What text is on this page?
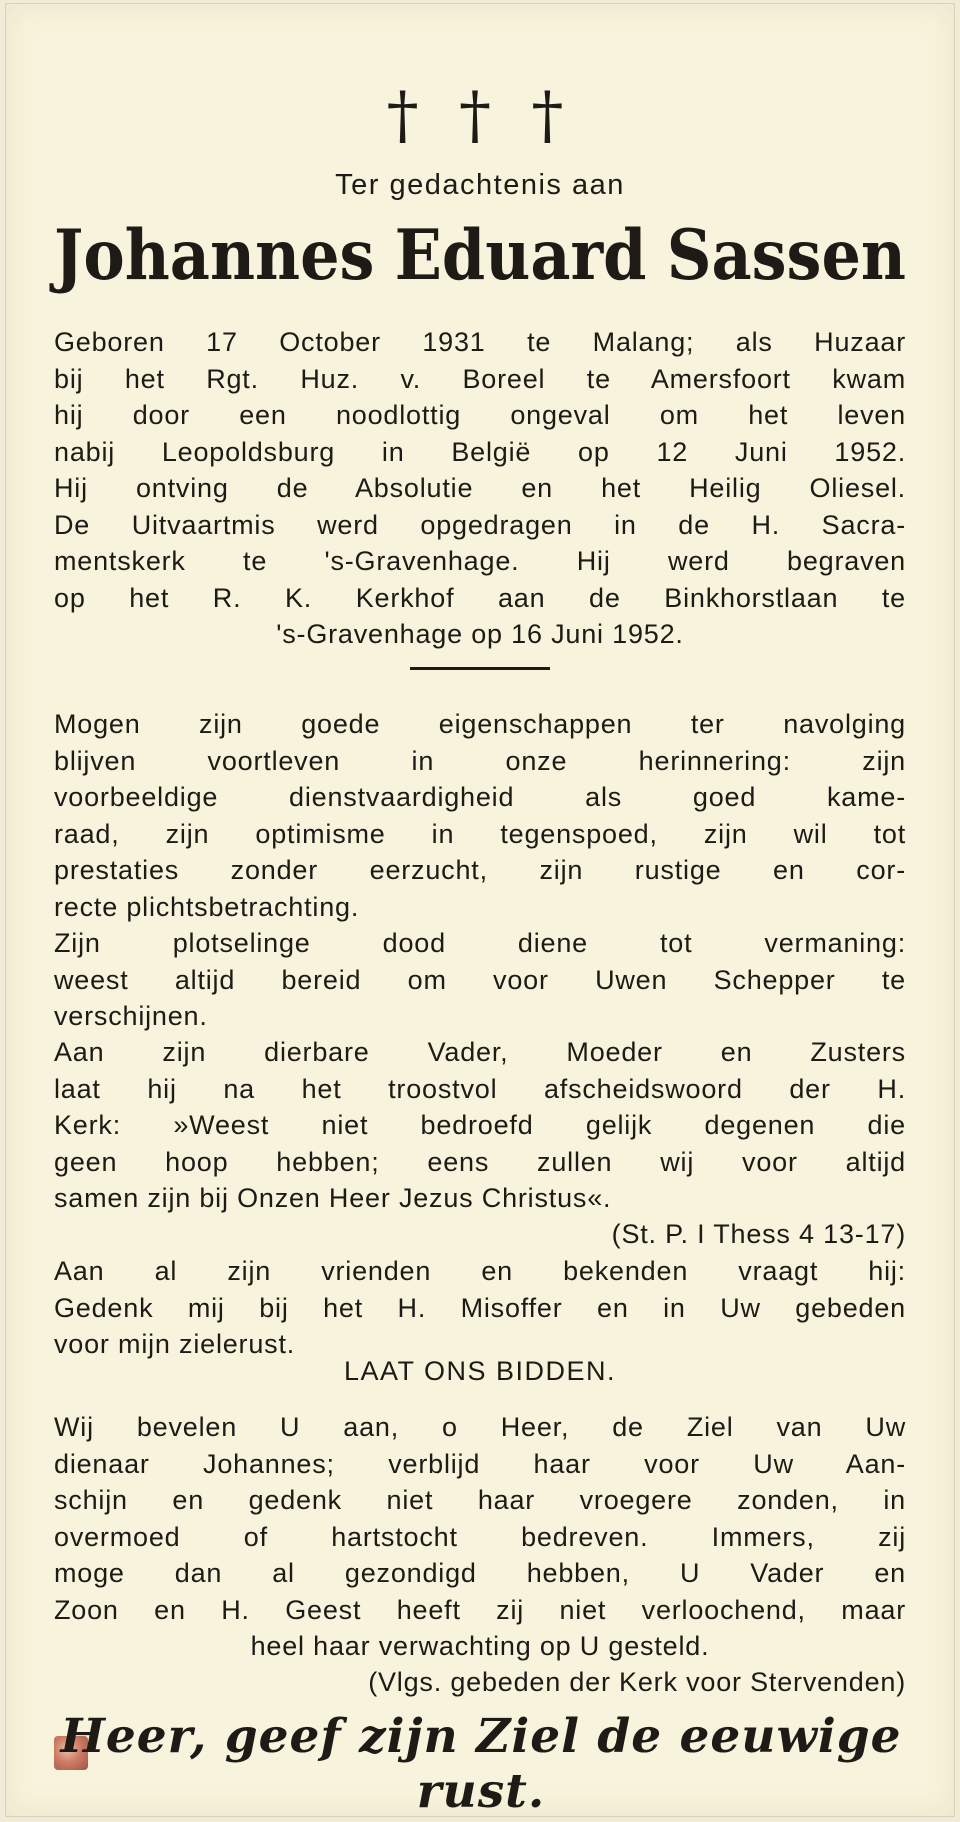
† † †
Ter gedachtenis aan
Johannes Eduard Sassen
Geboren 17 October 1931 te Malang; als Huzaar
bij het Rgt. Huz. v. Boreel te Amersfoort kwam
hij door een noodlottig ongeval om het leven
nabij Leopoldsburg in België op 12 Juni 1952.
Hij ontving de Absolutie en het Heilig Oliesel.
De Uitvaartmis werd opgedragen in de H. Sacra-
mentskerk te 's-Gravenhage. Hij werd begraven
op het R. K. Kerkhof aan de Binkhorstlaan te
's-Gravenhage op 16 Juni 1952.
Mogen zijn goede eigenschappen ter navolging
blijven voortleven in onze herinnering: zijn
voorbeeldige dienstvaardigheid als goed kame-
raad, zijn optimisme in tegenspoed, zijn wil tot
prestaties zonder eerzucht, zijn rustige en cor-
recte plichtsbetrachting.
Zijn plotselinge dood diene tot vermaning:
weest altijd bereid om voor Uwen Schepper te
verschijnen.
Aan zijn dierbare Vader, Moeder en Zusters
laat hij na het troostvol afscheidswoord der H.
Kerk: »Weest niet bedroefd gelijk degenen die
geen hoop hebben; eens zullen wij voor altijd
samen zijn bij Onzen Heer Jezus Christus«.
(St. P. I Thess 4 13-17)
Aan al zijn vrienden en bekenden vraagt hij:
Gedenk mij bij het H. Misoffer en in Uw gebeden
voor mijn zielerust.
LAAT ONS BIDDEN.
Wij bevelen U aan, o Heer, de Ziel van Uw
dienaar Johannes; verblijd haar voor Uw Aan-
schijn en gedenk niet haar vroegere zonden, in
overmoed of hartstocht bedreven. Immers, zij
moge dan al gezondigd hebben, U Vader en
Zoon en H. Geest heeft zij niet verloochend, maar
heel haar verwachting op U gesteld.
(Vlgs. gebeden der Kerk voor Stervenden)
Heer, geef zijn Ziel de eeuwige rust.
